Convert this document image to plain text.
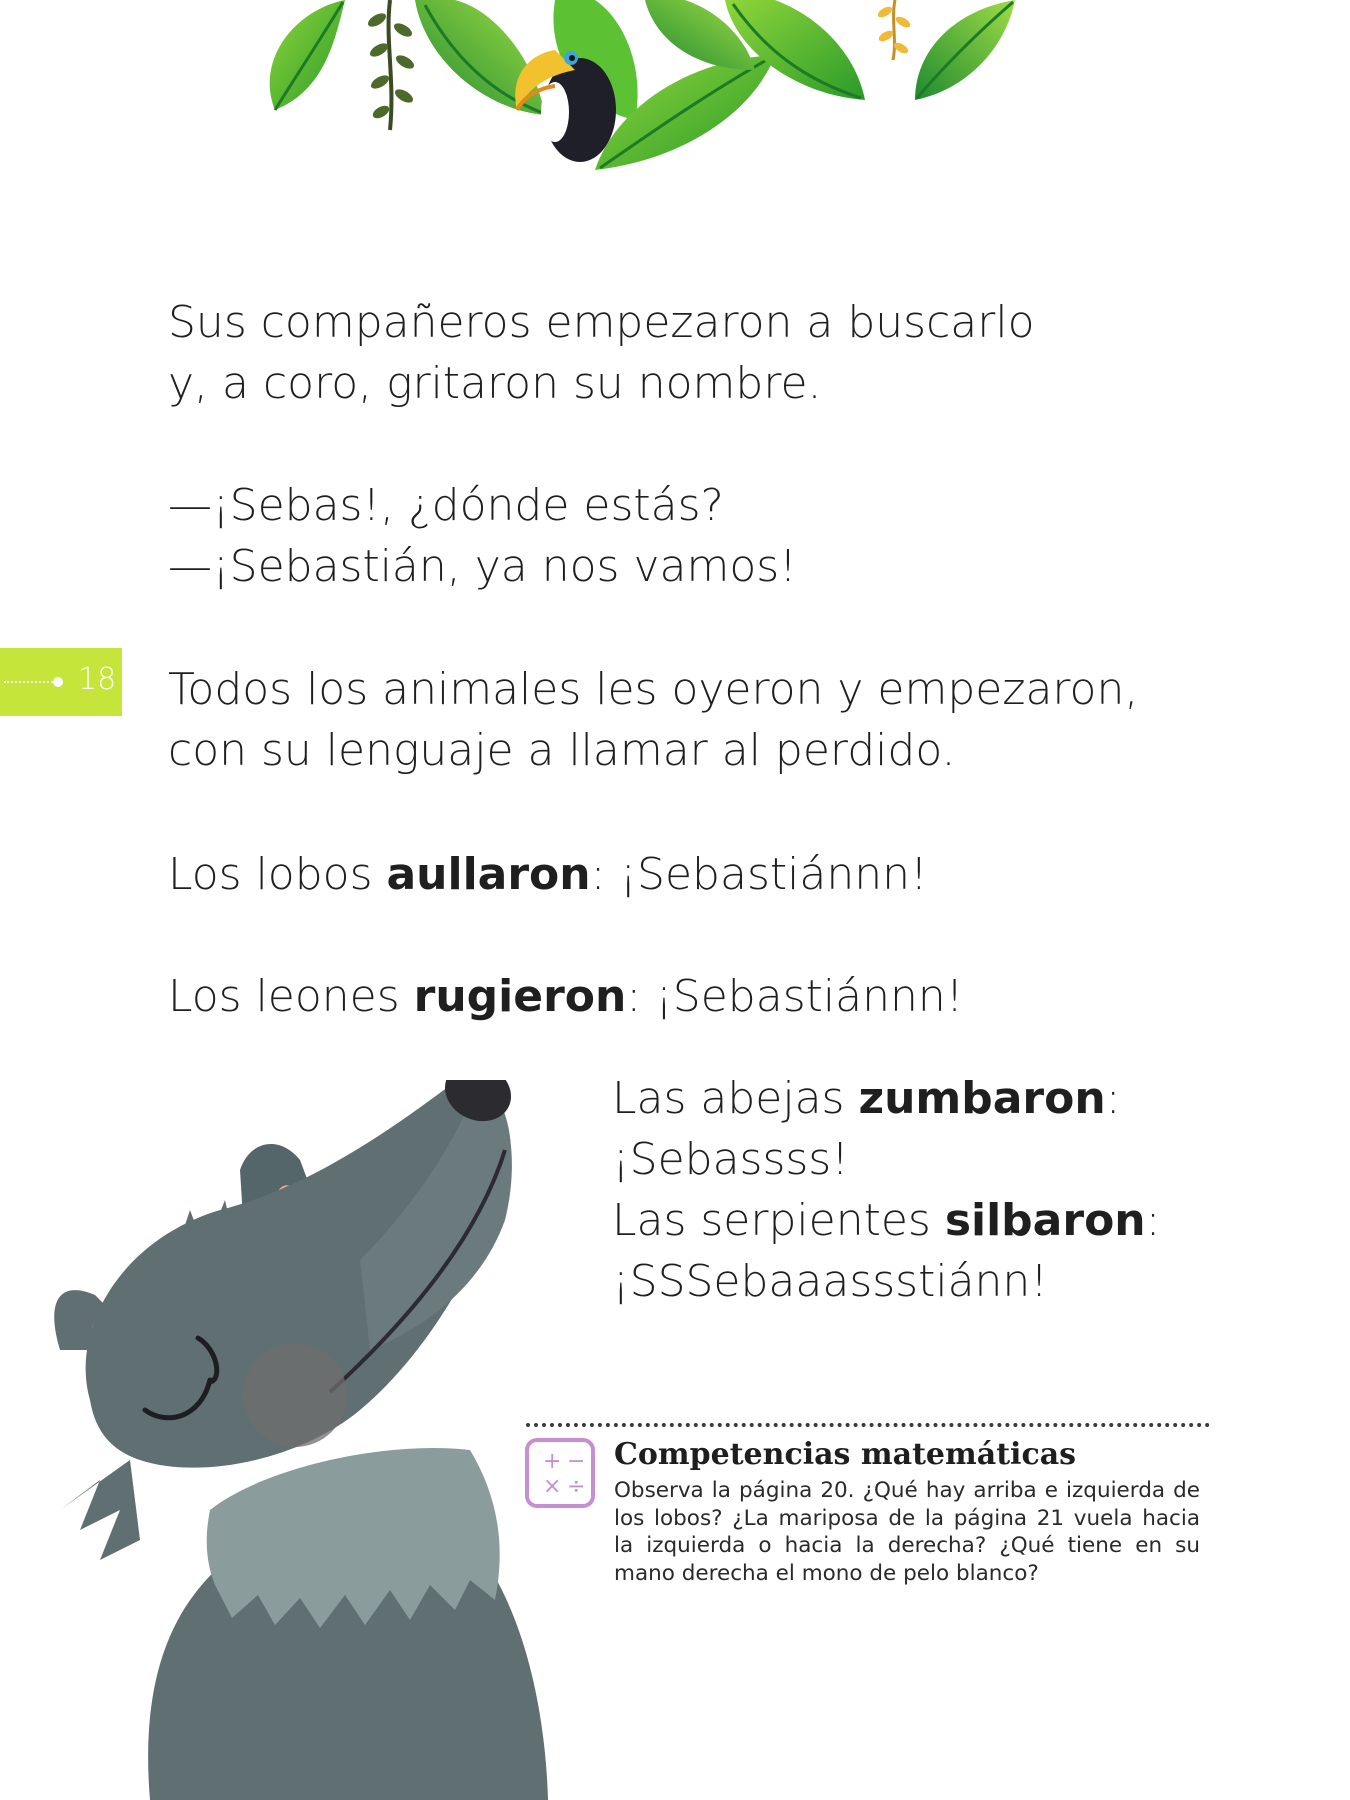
18

Sus compañeros empezaron a buscarlo

y, a coro, gritaron su nombre.

—¡Sebas!, ¿dónde estás?

—¡Sebastián, ya nos vamos!

Todos los animales les oyeron y empezaron,

con su lenguaje a llamar al perdido.

Los lobos aullaron: ¡Sebastiánnn!

Los leones rugieron: ¡Sebastiánnn!

Las abejas zumbaron:

¡Sebassss!

Las serpientes silbaron:

¡SSSebaaassstiánn!

+ −
× ÷
Competencias matemáticas
Observa la página 20. ¿Qué hay arriba e izquierda de los lobos? ¿La mariposa de la página 21 vuela hacia la izquierda o hacia la derecha? ¿Qué tiene en su mano derecha el mono de pelo blanco?
